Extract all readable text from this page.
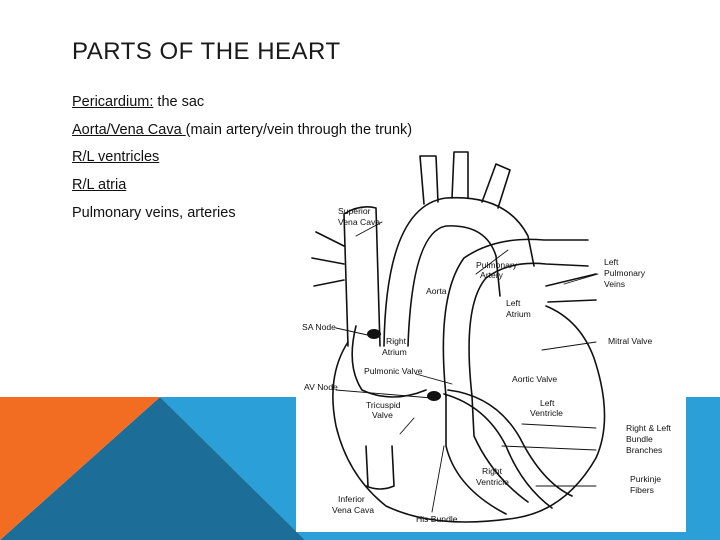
PARTS OF THE HEART
Pericardium: the sac
Aorta/Vena Cava (main artery/vein through the trunk)
R/L ventricles
R/L atria
Pulmonary veins, arteries	Superior Vena Cava
Pulmonary Artery
Left Pulmonary Veins
Aorta
Left Atrium
SA Node
Right Atrium
Mitral Valve
Pulmonic Valve
Aortic Valve
AV Node
Tricuspid Valve
Left Ventricle
Right & Left Bundle Branches
Right Ventricle	Purkinje Fibers
Inferior Vena Cava
His Bundle
